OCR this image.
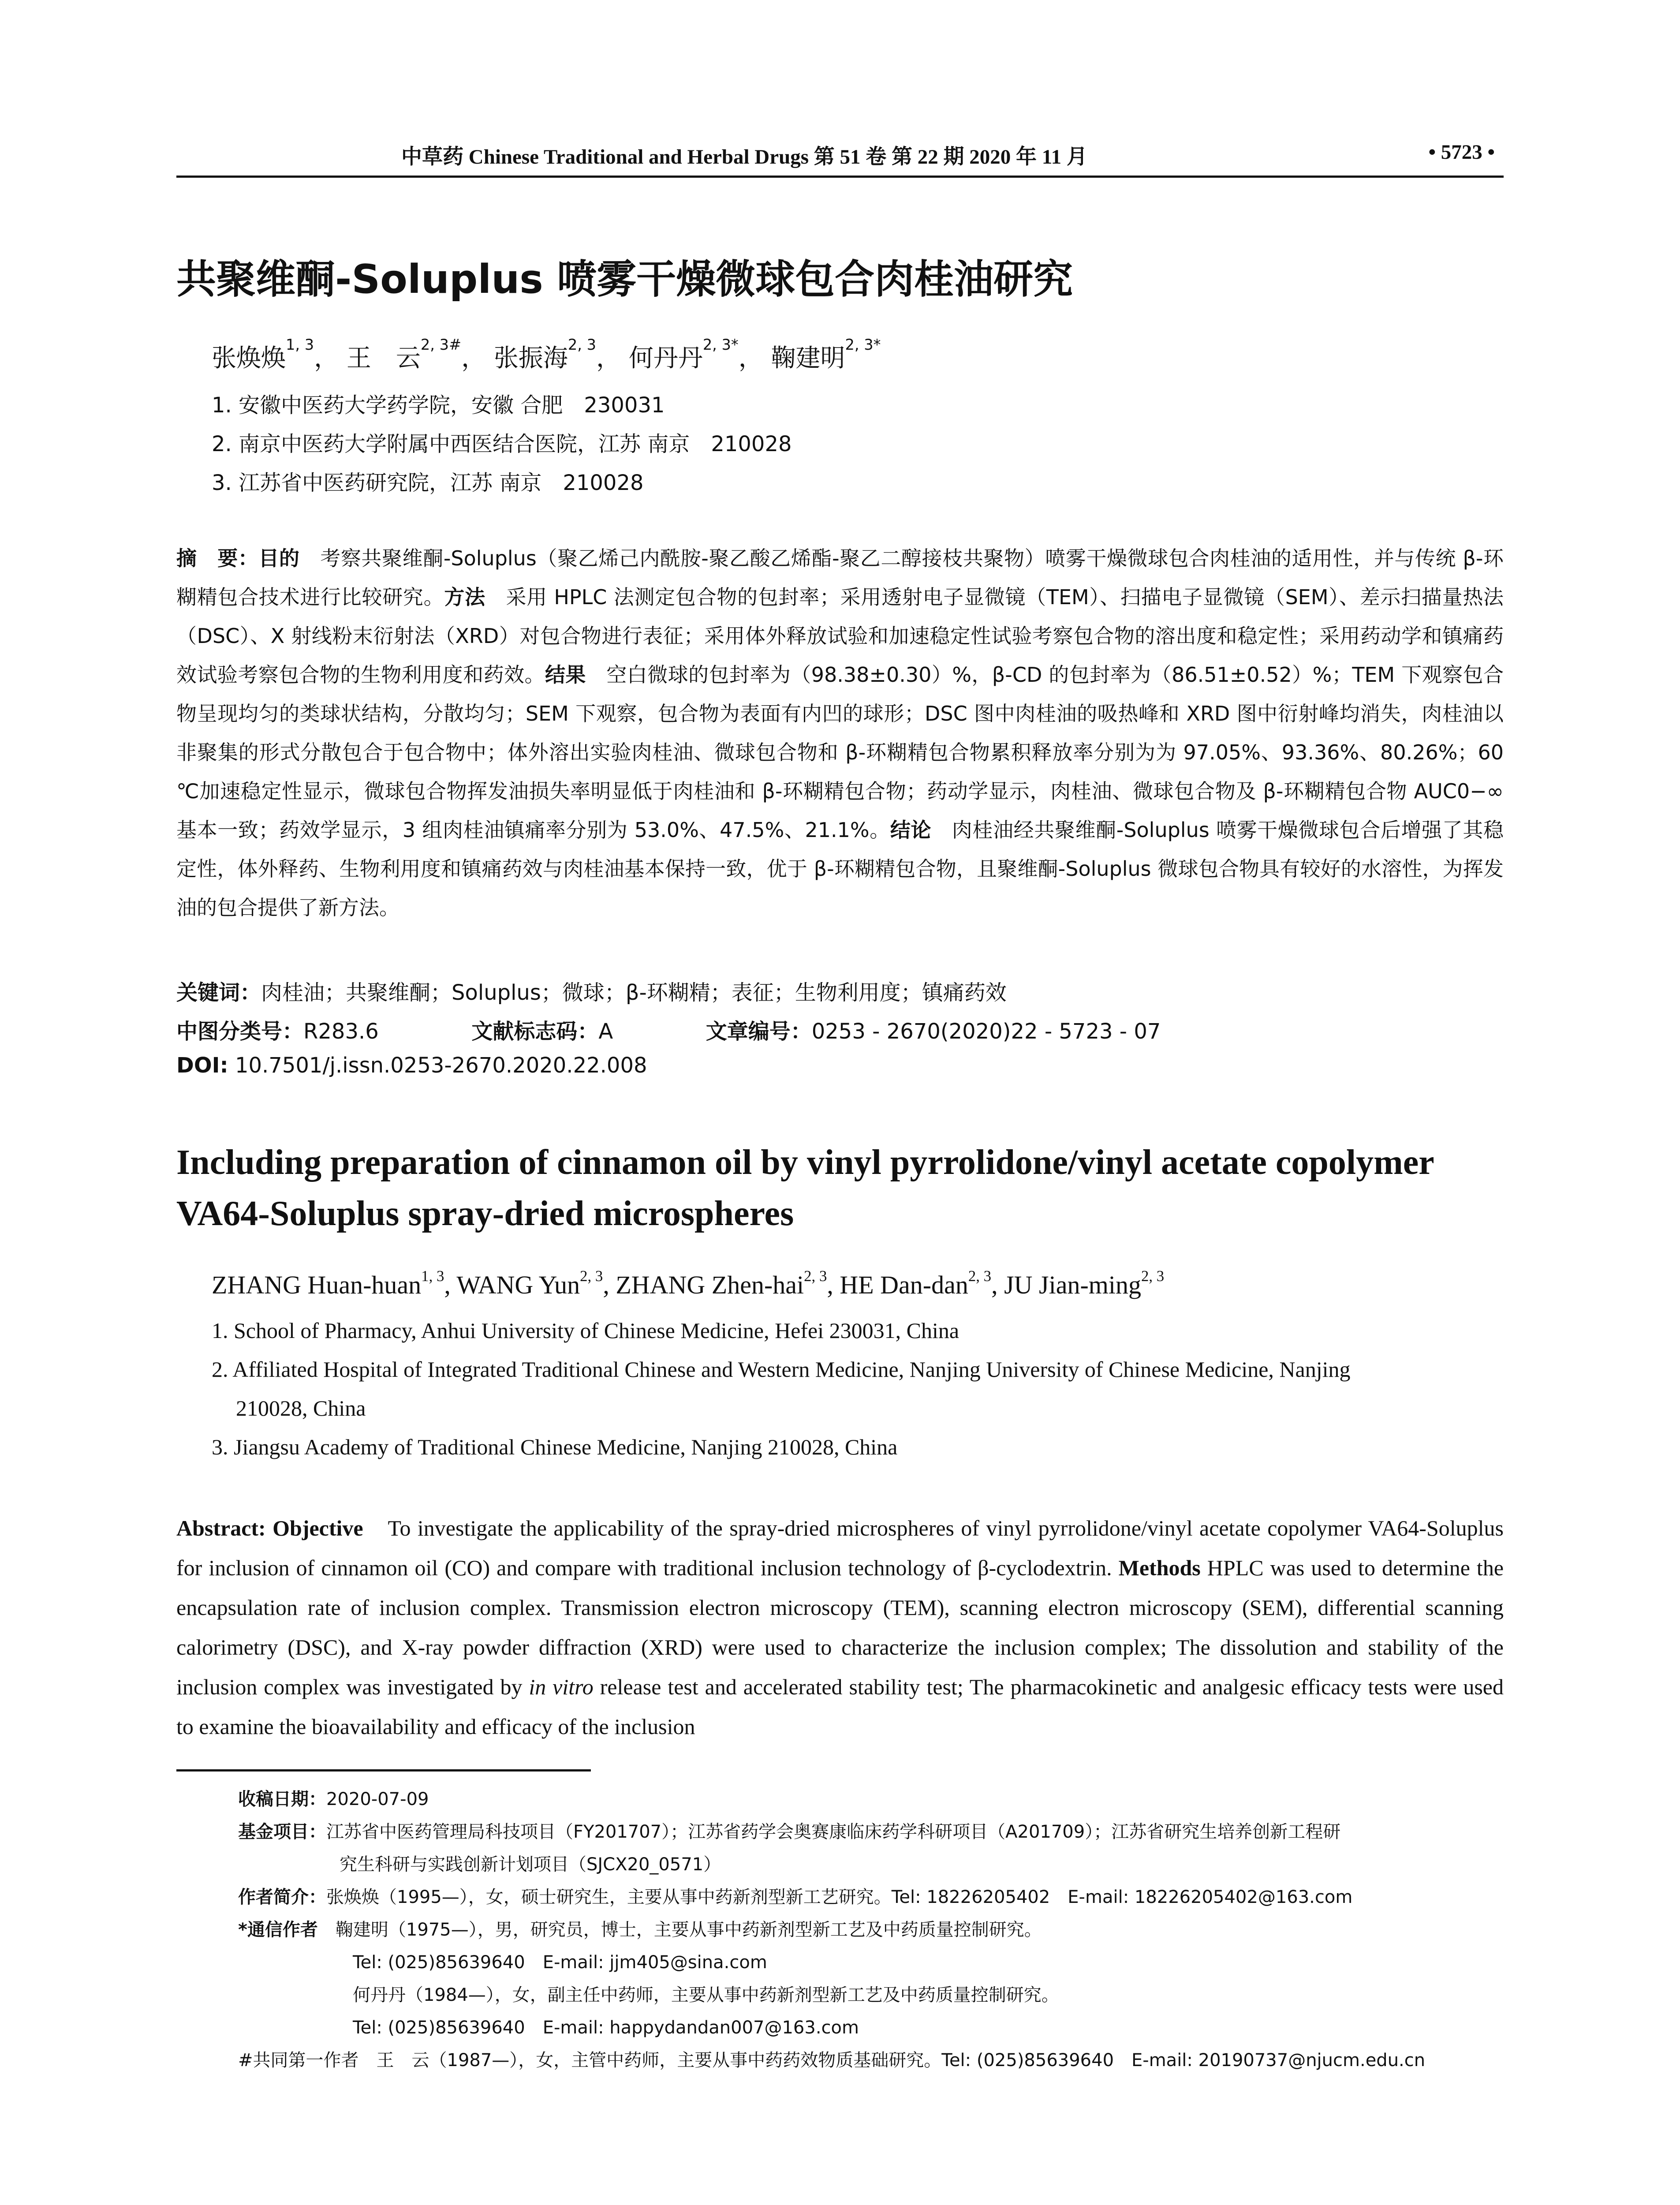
中草药 Chinese Traditional and Herbal Drugs 第 51 卷 第 22 期 2020 年 11 月	• 5723 •
共聚维酮-Soluplus 喷雾干燥微球包合肉桂油研究
张焕焕$^{1, 3}$， 王　云$^{2, 3\#}$， 张振海$^{2, 3}$， 何丹丹$^{2, 3*}$， 鞠建明$^{2, 3*}$
1. 安徽中医药大学药学院，安徽 合肥　230031
2. 南京中医药大学附属中西医结合医院，江苏 南京　210028
3. 江苏省中医药研究院，江苏 南京　210028
摘　要：目的　 考察共聚维酮-Soluplus（聚乙烯己内酰胺-聚乙酸乙烯酯-聚乙二醇接枝共聚物）喷雾干燥微球包合肉桂油的适用性，并与传统 β-环糊精包合技术进行比较研究。方法　 采用 HPLC 法测定包合物的包封率；采用透射电子显微镜（TEM）、扫描电子显微镜（SEM）、差示扫描量热法（DSC）、X 射线粉末衍射法（XRD）对包合物进行表征；采用体外释放试验和加速稳定性试验考察包合物的溶出度和稳定性；采用药动学和镇痛药效试验考察包合物的生物利用度和药效。结果　 空白微球的包封率为（98.38±0.30）%，β-CD 的包封率为（86.51±0.52）%；TEM 下观察包合物呈现均匀的类球状结构，分散均匀；SEM 下观察，包合物为表面有内凹的球形；DSC 图中肉桂油的吸热峰和 XRD 图中衍射峰均消失，肉桂油以非聚集的形式分散包合于包合物中；体外溶出实验肉桂油、微球包合物和 β-环糊精包合物累积释放率分别为为 97.05%、93.36%、80.26%；60 ℃加速稳定性显示，微球包合物挥发油损失率明显低于肉桂油和 β-环糊精包合物；药动学显示，肉桂油、微球包合物及 β-环糊精包合物 AUC0−∞基本一致；药效学显示，3 组肉桂油镇痛率分别为 53.0%、47.5%、21.1%。结论　 肉桂油经共聚维酮-Soluplus 喷雾干燥微球包合后增强了其稳定性，体外释药、生物利用度和镇痛药效与肉桂油基本保持一致，优于 β-环糊精包合物，且聚维酮-Soluplus 微球包合物具有较好的水溶性，为挥发油的包合提供了新方法。
关键词：肉桂油；共聚维酮；Soluplus；微球；β-环糊精；表征；生物利用度；镇痛药效
中图分类号：R283.6	文献标志码：A	文章编号：0253 - 2670(2020)22 - 5723 - 07
DOI: 10.7501/j.issn.0253-2670.2020.22.008
Including preparation of cinnamon oil by vinyl pyrrolidone/vinyl acetate copolymer VA64-Soluplus spray-dried microspheres
ZHANG Huan-huan$^{1, 3}$, WANG Yun$^{2, 3}$, ZHANG Zhen-hai$^{2, 3}$, HE Dan-dan$^{2, 3}$, JU Jian-ming$^{2, 3}$
1. School of Pharmacy, Anhui University of Chinese Medicine, Hefei 230031, China
2. Affiliated Hospital of Integrated Traditional Chinese and Western Medicine, Nanjing University of Chinese Medicine, Nanjing
210028, China
3. Jiangsu Academy of Traditional Chinese Medicine, Nanjing 210028, China
Abstract: Objective　 To investigate the applicability of the spray-dried microspheres of vinyl pyrrolidone/vinyl acetate copolymer VA64-Soluplus for inclusion of cinnamon oil (CO) and compare with traditional inclusion technology of β-cyclodextrin. Methods HPLC was used to determine the encapsulation rate of inclusion complex. Transmission electron microscopy (TEM), scanning electron microscopy (SEM), differential scanning calorimetry (DSC), and X-ray powder diffraction (XRD) were used to characterize the inclusion complex; The dissolution and stability of the inclusion complex was investigated by in vitro release test and accelerated stability test; The pharmacokinetic and analgesic efficacy tests were used to examine the bioavailability and efficacy of the inclusion
收稿日期：2020-07-09
基金项目：江苏省中医药管理局科技项目（FY201707）；江苏省药学会奥赛康临床药学科研项目（A201709）；江苏省研究生培养创新工程研
究生科研与实践创新计划项目（SJCX20_0571）
作者简介：张焕焕（1995—），女，硕士研究生，主要从事中药新剂型新工艺研究。Tel: 18226205402　E-mail: 18226205402@163.com
*通信作者　 鞠建明（1975—），男，研究员，博士，主要从事中药新剂型新工艺及中药质量控制研究。
Tel: (025)85639640　E-mail: jjm405@sina.com
何丹丹（1984—），女，副主任中药师，主要从事中药新剂型新工艺及中药质量控制研究。
Tel: (025)85639640　E-mail: happydandan007@163.com
#共同第一作者　王　云（1987—），女，主管中药师，主要从事中药药效物质基础研究。Tel: (025)85639640　E-mail: 20190737@njucm.edu.cn
